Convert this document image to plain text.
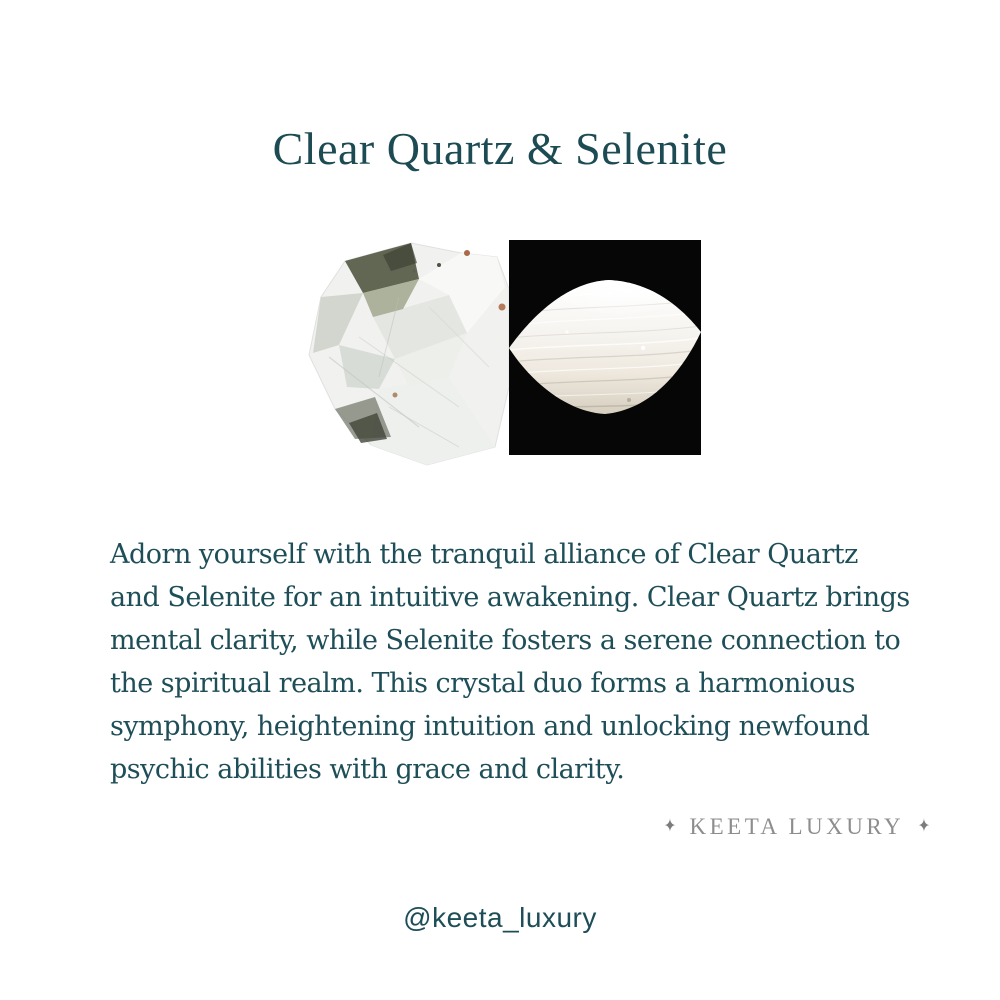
Clear Quartz & Selenite
Adorn yourself with the tranquil alliance of Clear Quartz
and Selenite for an intuitive awakening. Clear Quartz brings
mental clarity, while Selenite fosters a serene connection to
the spiritual realm. This crystal duo forms a harmonious
symphony, heightening intuition and unlocking newfound
psychic abilities with grace and clarity.
✦ KEETA LUXURY ✦
@keeta_luxury
